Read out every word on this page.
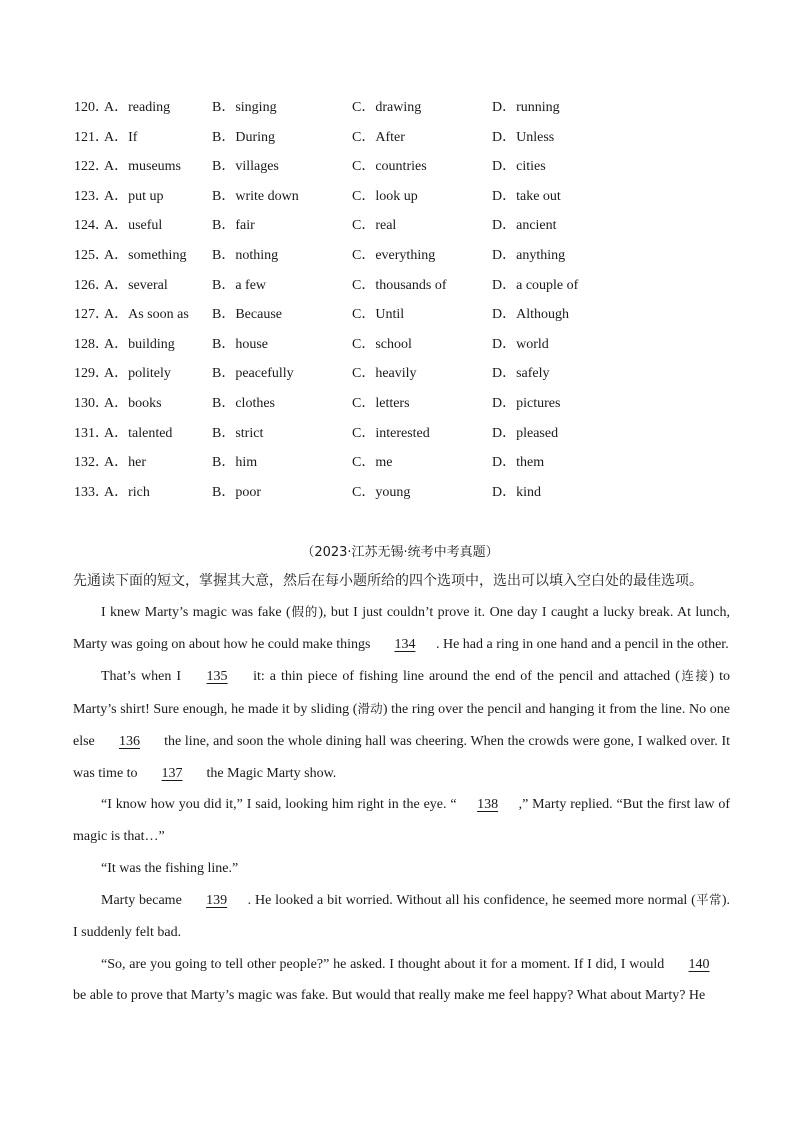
120．
A．reading	B．singing	C．drawing	D．running
121．
A．If	B．During	C．After	D．Unless
122．
A．museums B．villages	C．countries	D．cities
123．
A．put up	B．write down	C．look up	D．take out
124．
A．useful	B．fair	C．real	D．ancient
125．
A．something B．nothing	C．everything	D．anything
126．
A．several	B．a few	C．thousands of	D．a couple of
127．
A．As soon as B．Because	C．Until	D．Although
128．
A．building	B．house	C．school	D．world
129．
A．politely	B．peacefully	C．heavily	D．safely
130．
A．books	B．clothes	C．letters	D．pictures
131．
A．talented	B．strict	C．interested	D．pleased
132．
A．her	B．him	C．me	D．them
133．
A．rich	B．poor	C．young	D．kind
（2023·江苏无锡·统考中考真题）
先通读下面的短文，掌握其大意，然后在每小题所给的四个选项中，选出可以填入空白处的最佳选项。

I knew Marty’s magic was fake (假的), but I just couldn’t prove it. One day I caught a lucky break. At lunch, Marty was going on about how he could make things 134 . He had a ring in one hand and a pencil in the other.

That’s when I 135 it: a thin piece of fishing line around the end of the pencil and attached (连接) to Marty’s shirt! Sure enough, he made it by sliding (滑动) the ring over the pencil and hanging it from the line. No one else 136 the line, and soon the whole dining hall was cheering. When the crowds were gone, I walked over. It was time to 137 the Magic Marty show.

“I know how you did it,” I said, looking him right in the eye. “ 138 ,” Marty replied. “But the first law of magic is that…”

“It was the fishing line.”

Marty became 139 . He looked a bit worried. Without all his confidence, he seemed more normal (平常). I suddenly felt bad.

“So, are you going to tell other people?” he asked. I thought about it for a moment. If I did, I would 140 be able to prove that Marty’s magic was fake. But would that really make me feel happy? What about Marty? He
